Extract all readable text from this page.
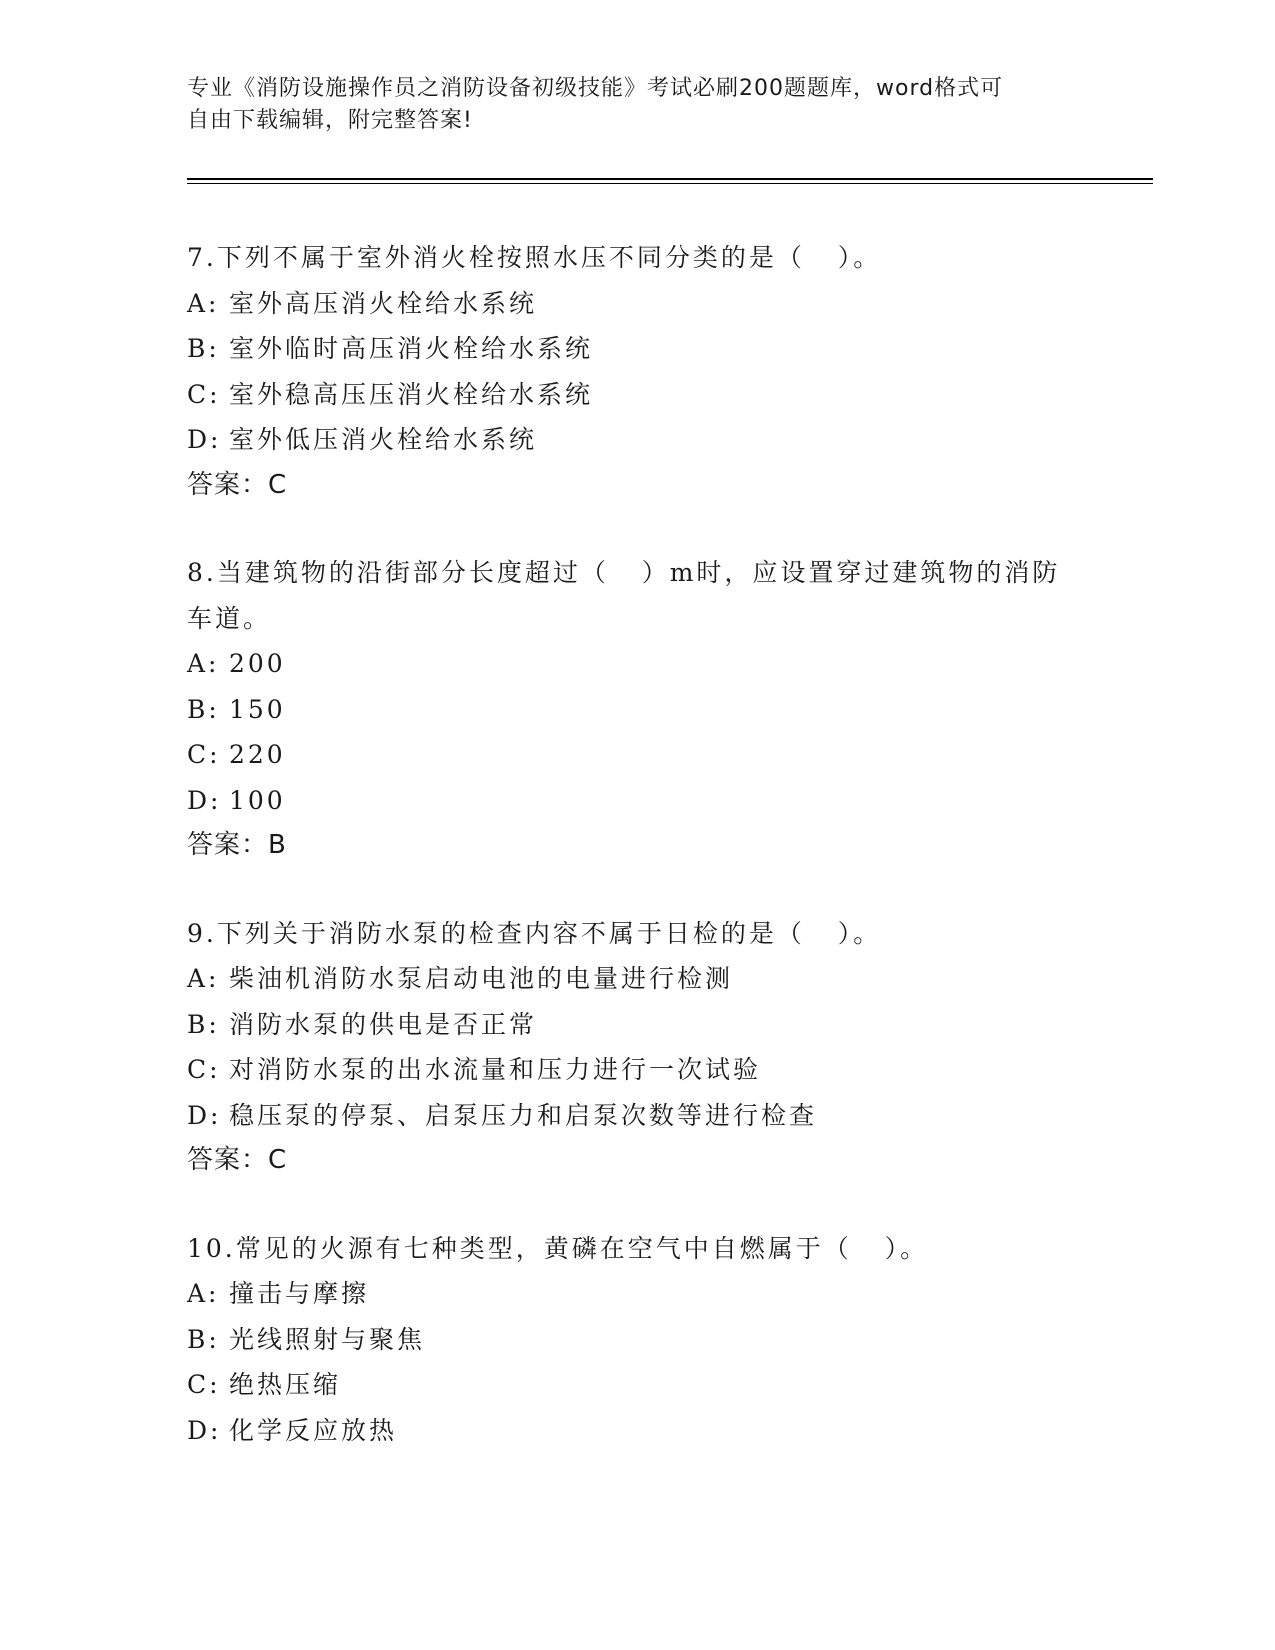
专业《消防设施操作员之消防设备初级技能》考试必刷200题题库，word格式可
自由下载编辑，附完整答案!
7.下列不属于室外消火栓按照水压不同分类的是（   ）。
A: 室外高压消火栓给水系统
B: 室外临时高压消火栓给水系统
C: 室外稳高压压消火栓给水系统
D: 室外低压消火栓给水系统
答案：C
8.当建筑物的沿街部分长度超过（   ）m时，应设置穿过建筑物的消防
车道。
A: 200
B: 150
C: 220
D: 100
答案：B
9.下列关于消防水泵的检查内容不属于日检的是（   ）。
A: 柴油机消防水泵启动电池的电量进行检测
B: 消防水泵的供电是否正常
C: 对消防水泵的出水流量和压力进行一次试验
D: 稳压泵的停泵、启泵压力和启泵次数等进行检查
答案：C
10.常见的火源有七种类型，黄磷在空气中自燃属于（   ）。
A: 撞击与摩擦
B: 光线照射与聚焦
C: 绝热压缩
D: 化学反应放热
